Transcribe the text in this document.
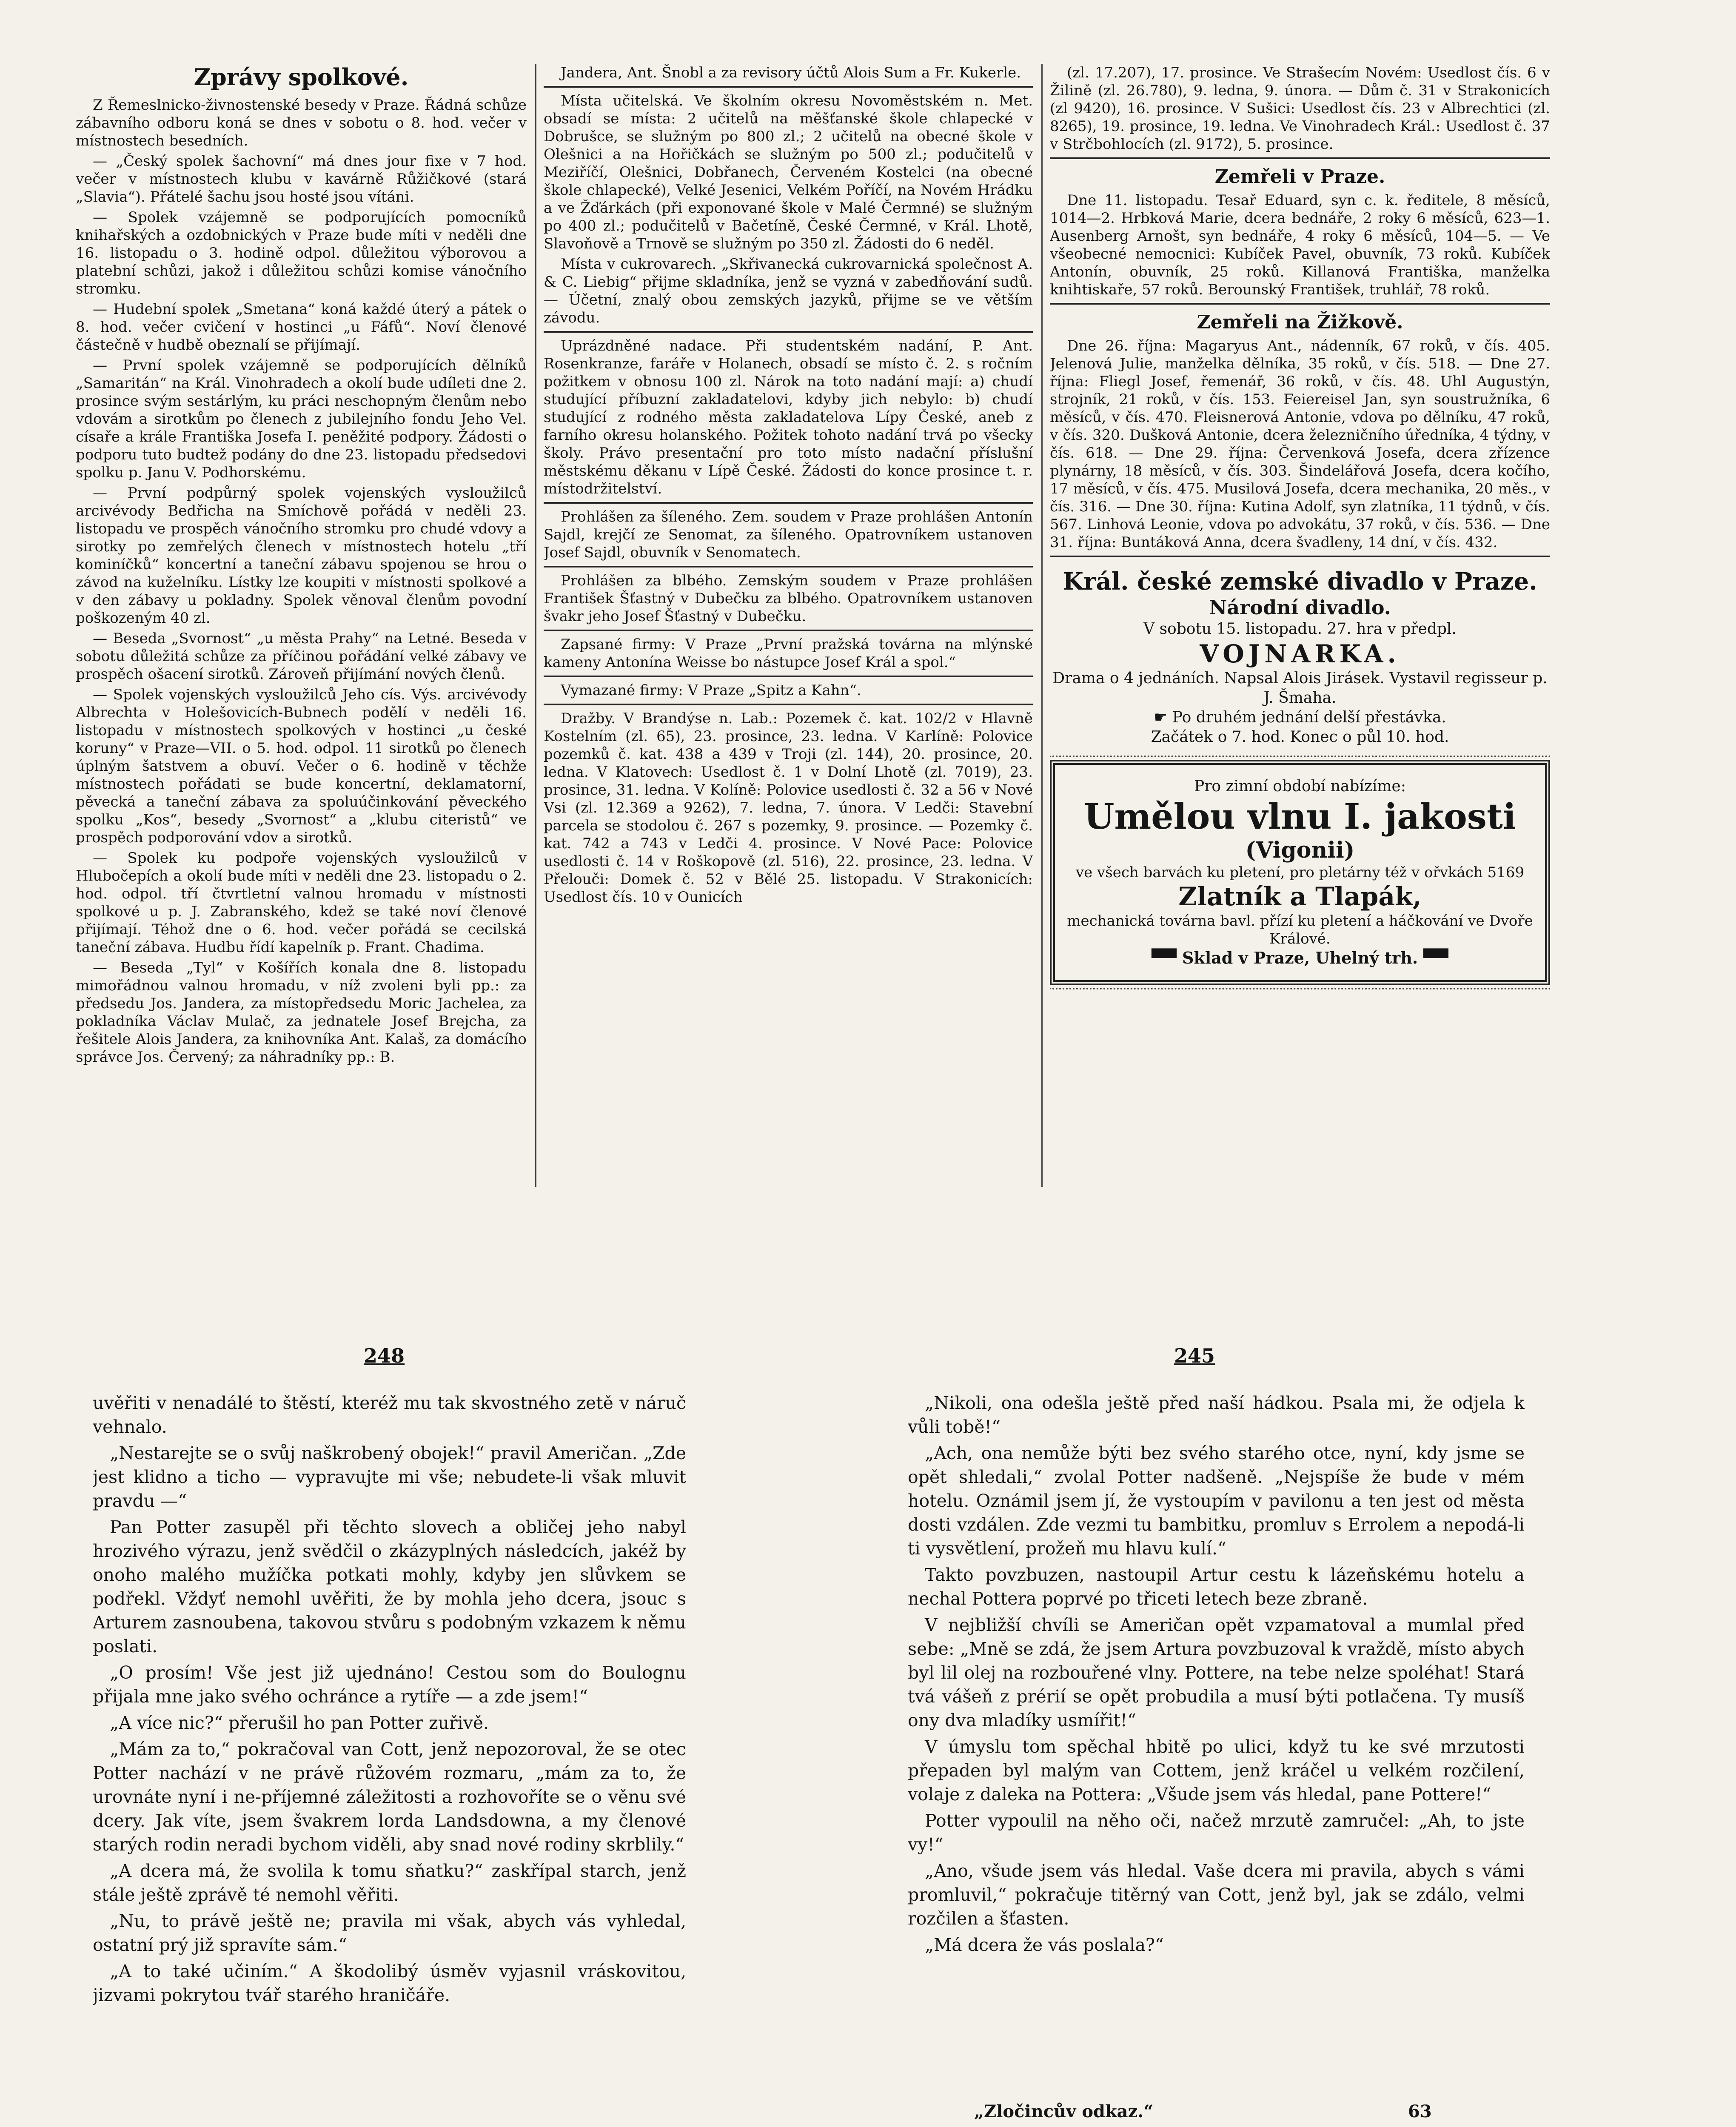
Zprávy spolkové.

Z Řemeslnicko-živnostenské besedy v Praze. Řádná schůze zábavního odboru koná se dnes v sobotu o 8. hod. večer v místnostech besedních.

— „Český spolek šachovní“ má dnes jour fixe v 7 hod. večer v místnostech klubu v kavárně Růžičkové (stará „Slavia“). Přátelé šachu jsou hosté jsou vítáni.

— Spolek vzájemně se podporujících pomocníků knihařských a ozdobnických v Praze bude míti v neděli dne 16. listopadu o 3. hodině odpol. důležitou výborovou a platební schůzi, jakož i důležitou schůzi komise vánočního stromku.

— Hudební spolek „Smetana“ koná každé úterý a pátek o 8. hod. večer cvičení v hostinci „u Fáfů“. Noví členové částečně v hudbě obeznalí se přijímají.

— První spolek vzájemně se podporujících dělníků „Samaritán“ na Král. Vinohradech a okolí bude udíleti dne 2. prosince svým sestárlým, ku práci neschopným členům nebo vdovám a sirotkům po členech z jubilejního fondu Jeho Vel. císaře a krále Františka Josefa I. peněžité podpory. Žádosti o podporu tuto budtež podány do dne 23. listopadu předsedovi spolku p. Janu V. Podhorskému.

— První podpůrný spolek vojenských vysloužilců arcivévody Bedřicha na Smíchově pořádá v neděli 23. listopadu ve prospěch vánočního stromku pro chudé vdovy a sirotky po zemřelých členech v místnostech hotelu „tří kominíčků“ koncertní a taneční zábavu spojenou se hrou o závod na kuželníku. Lístky lze koupiti v místnosti spolkové a v den zábavy u pokladny. Spolek věnoval členům povodní poškozeným 40 zl.

— Beseda „Svornost“ „u města Prahy“ na Letné. Beseda v sobotu důležitá schůze za příčinou pořádání velké zábavy ve prospěch ošacení sirotků. Zároveň přijímání nových členů.

— Spolek vojenských vysloužilců Jeho cís. Výs. arcivévody Albrechta v Holešovicích-Bubnech podělí v neděli 16. listopadu v místnostech spolkových v hostinci „u české koruny“ v Praze—VII. o 5. hod. odpol. 11 sirotků po členech úplným šatstvem a obuví. Večer o 6. hodině v těchže místnostech pořádati se bude koncertní, deklamatorní, pěvecká a taneční zábava za spoluúčinkování pěveckého spolku „Kos“, besedy „Svornost“ a „klubu citeristů“ ve prospěch podporování vdov a sirotků.

— Spolek ku podpoře vojenských vysloužilců v Hlubočepích a okolí bude míti v neděli dne 23. listopadu o 2. hod. odpol. tří čtvrtletní valnou hromadu v místnosti spolkové u p. J. Zabranského, kdež se také noví členové přijímají. Téhož dne o 6. hod. večer pořádá se cecilská taneční zábava. Hudbu řídí kapelník p. Frant. Chadima.

— Beseda „Tyl“ v Košířích konala dne 8. listopadu mimořádnou valnou hromadu, v níž zvoleni byli pp.: za předsedu Jos. Jandera, za místopředsedu Moric Jachelea, za pokladníka Václav Mulač, za jednatele Josef Brejcha, za řešitele Alois Jandera, za knihovníka Ant. Kalaš, za domácího správce Jos. Červený; za náhradníky pp.: B.

Jandera, Ant. Šnobl a za revisory účtů Alois Sum a Fr. Kukerle.

Místa učitelská. Ve školním okresu Novoměstském n. Met. obsadí se místa: 2 učitelů na měšťanské škole chlapecké v Dobrušce, se služným po 800 zl.; 2 učitelů na obecné škole v Olešnici a na Hořičkách se služným po 500 zl.; podučitelů v Meziříčí, Olešnici, Dobřanech, Červeném Kostelci (na obecné škole chlapecké), Velké Jesenici, Velkém Poříčí, na Novém Hrádku a ve Žďárkách (při exponované škole v Malé Čermné) se služným po 400 zl.; podučitelů v Bačetíně, České Čermné, v Král. Lhotě, Slavoňově a Trnově se služným po 350 zl. Žádosti do 6 neděl.

Místa v cukrovarech. „Skřivanecká cukrovarnická společnost A. & C. Liebig“ přijme skladníka, jenž se vyzná v zabedňování sudů. — Účetní, znalý obou zemských jazyků, přijme se ve větším závodu.

Uprázdněné nadace. Při studentském nadání, P. Ant. Rosenkranze, faráře v Holanech, obsadí se místo č. 2. s ročním požitkem v obnosu 100 zl. Nárok na toto nadání mají: a) chudí studující příbuzní zakladatelovi, kdyby jich nebylo: b) chudí studující z rodného města zakladatelova Lípy České, aneb z farního okresu holanského. Požitek tohoto nadání trvá po všecky školy. Právo presentační pro toto místo nadační příslušní městskému děkanu v Lípě České. Žádosti do konce prosince t. r. místodržitelství.

Prohlášen za šíleného. Zem. soudem v Praze prohlášen Antonín Sajdl, krejčí ze Senomat, za šíleného. Opatrovníkem ustanoven Josef Sajdl, obuvník v Senomatech.

Prohlášen za blbého. Zemským soudem v Praze prohlášen František Šťastný v Dubečku za blbého. Opatrovníkem ustanoven švakr jeho Josef Šťastný v Dubečku.

Zapsané firmy: V Praze „První pražská továrna na mlýnské kameny Antonína Weisse bo nástupce Josef Král a spol.“

Vymazané firmy: V Praze „Spitz a Kahn“.

Dražby. V Brandýse n. Lab.: Pozemek č. kat. 102/2 v Hlavně Kostelním (zl. 65), 23. prosince, 23. ledna. V Karlíně: Polovice pozemků č. kat. 438 a 439 v Troji (zl. 144), 20. prosince, 20. ledna. V Klatovech: Usedlost č. 1 v Dolní Lhotě (zl. 7019), 23. prosince, 31. ledna. V Kolíně: Polovice usedlosti č. 32 a 56 v Nové Vsi (zl. 12.369 a 9262), 7. ledna, 7. února. V Ledči: Stavební parcela se stodolou č. 267 s pozemky, 9. prosince. — Pozemky č. kat. 742 a 743 v Ledči 4. prosince. V Nové Pace: Polovice usedlosti č. 14 v Roškopově (zl. 516), 22. prosince, 23. ledna. V Přelouči: Domek č. 52 v Bělé 25. listopadu. V Strakonicích: Usedlost čís. 10 v Ounicích

(zl. 17.207), 17. prosince. Ve Strašecím Novém: Usedlost čís. 6 v Žilině (zl. 26.780), 9. ledna, 9. února. — Dům č. 31 v Strakonicích (zl 9420), 16. prosince. V Sušici: Usedlost čís. 23 v Albrechtici (zl. 8265), 19. prosince, 19. ledna. Ve Vinohradech Král.: Usedlost č. 37 v Strčbohlocích (zl. 9172), 5. prosince.

Zemřeli v Praze.

Dne 11. listopadu. Tesař Eduard, syn c. k. ředitele, 8 měsíců, 1014—2. Hrbková Marie, dcera bednáře, 2 roky 6 měsíců, 623—1. Ausenberg Arnošt, syn bednáře, 4 roky 6 měsíců, 104—5. — Ve všeobecné nemocnici: Kubíček Pavel, obuvník, 73 roků. Kubíček Antonín, obuvník, 25 roků. Killanová Františka, manželka knihtiskaře, 57 roků. Berounský František, truhlář, 78 roků.

Zemřeli na Žižkově.

Dne 26. října: Magaryus Ant., nádenník, 67 roků, v čís. 405. Jelenová Julie, manželka dělníka, 35 roků, v čís. 518. — Dne 27. října: Fliegl Josef, řemenář, 36 roků, v čís. 48. Uhl Augustýn, strojník, 21 roků, v čís. 153. Feiereisel Jan, syn soustružníka, 6 měsíců, v čís. 470. Fleisnerová Antonie, vdova po dělníku, 47 roků, v čís. 320. Dušková Antonie, dcera železničního úředníka, 4 týdny, v čís. 618. — Dne 29. října: Červenková Josefa, dcera zřízence plynárny, 18 měsíců, v čís. 303. Šindelářová Josefa, dcera kočího, 17 měsíců, v čís. 475. Musilová Josefa, dcera mechanika, 20 měs., v čís. 316. — Dne 30. října: Kutina Adolf, syn zlatníka, 11 týdnů, v čís. 567. Linhová Leonie, vdova po advokátu, 37 roků, v čís. 536. — Dne 31. října: Buntáková Anna, dcera švadleny, 14 dní, v čís. 432.

Král. české zemské divadlo v Praze.
Národní divadlo.
V sobotu 15. listopadu. 27. hra v předpl.
VOJNARKA.
Drama o 4 jednáních. Napsal Alois Jirásek. Vystavil regisseur p. J. Šmaha.
☛ Po druhém jednání delší přestávka.
Začátek o 7. hod. Konec o půl 10. hod.
Pro zimní období nabízíme:
Umělou vlnu I. jakosti
(Vigonii)
ve všech barvách ku pletení, pro pletárny též v ořvkách 5169
Zlatník a Tlapák,
mechanická továrna bavl. přízí ku pletení a háčkování ve Dvoře Králové.
▀▀ Sklad v Praze, Uhelný trh. ▀▀
248	245

uvěřiti v nenadálé to štěstí, kteréž mu tak skvostného zetě v náruč vehnalo.

„Nestarejte se o svůj naškrobený obojek!“ pravil Američan. „Zde jest klidno a ticho — vypravujte mi vše; nebudete-li však mluvit pravdu —“

Pan Potter zasupěl při těchto slovech a obličej jeho nabyl hrozivého výrazu, jenž svědčil o zkázyplných následcích, jakéž by onoho malého mužíčka potkati mohly, kdyby jen slůvkem se podřekl. Vždyť nemohl uvěřiti, že by mohla jeho dcera, jsouc s Arturem zasnoubena, takovou stvůru s podobným vzkazem k němu poslati.

„O prosím! Vše jest již ujednáno! Cestou som do Boulognu přijala mne jako svého ochránce a rytíře — a zde jsem!“

„A více nic?“ přerušil ho pan Potter zuřivě.

„Mám za to,“ pokračoval van Cott, jenž nepozoroval, že se otec Potter nachází v ne právě růžovém rozmaru, „mám za to, že urovnáte nyní i ne-příjemné záležitosti a rozhovoříte se o věnu své dcery. Jak víte, jsem švakrem lorda Landsdowna, a my členové starých rodin neradi bychom viděli, aby snad nové rodiny skrblily.“

„A dcera má, že svolila k tomu sňatku?“ zaskřípal starch, jenž stále ještě zprávě té nemohl věřiti.

„Nu, to právě ještě ne; pravila mi však, abych vás vyhledal, ostatní prý již spravíte sám.“

„A to také učiním.“ A škodolibý úsměv vyjasnil vráskovitou, jizvami pokrytou tvář starého hraničáře.

„Nikoli, ona odešla ještě před naší hádkou. Psala mi, že odjela k vůli tobě!“

„Ach, ona nemůže býti bez svého starého otce, nyní, kdy jsme se opět shledali,“ zvolal Potter nadšeně. „Nejspíše že bude v mém hotelu. Oznámil jsem jí, že vystoupím v pavilonu a ten jest od města dosti vzdálen. Zde vezmi tu bambitku, promluv s Errolem a nepodá-li ti vysvětlení, prožeň mu hlavu kulí.“

Takto povzbuzen, nastoupil Artur cestu k lázeňskému hotelu a nechal Pottera poprvé po třiceti letech beze zbraně.

V nejbližší chvíli se Američan opět vzpamatoval a mumlal před sebe: „Mně se zdá, že jsem Artura povzbuzoval k vraždě, místo abych byl lil olej na rozbouřené vlny. Pottere, na tebe nelze spoléhat! Stará tvá vášeň z prérií se opět probudila a musí býti potlačena. Ty musíš ony dva mladíky usmířit!“

V úmyslu tom spěchal hbitě po ulici, když tu ke své mrzutosti přepaden byl malým van Cottem, jenž kráčel u velkém rozčilení, volaje z daleka na Pottera: „Všude jsem vás hledal, pane Pottere!“

Potter vypoulil na něho oči, načež mrzutě zamručel: „Ah, to jste vy!“

„Ano, všude jsem vás hledal. Vaše dcera mi pravila, abych s vámi promluvil,“ pokračuje titěrný van Cott, jenž byl, jak se zdálo, velmi rozčilen a šťasten.

„Má dcera že vás poslala?“

„Zločincův odkaz.“	63
